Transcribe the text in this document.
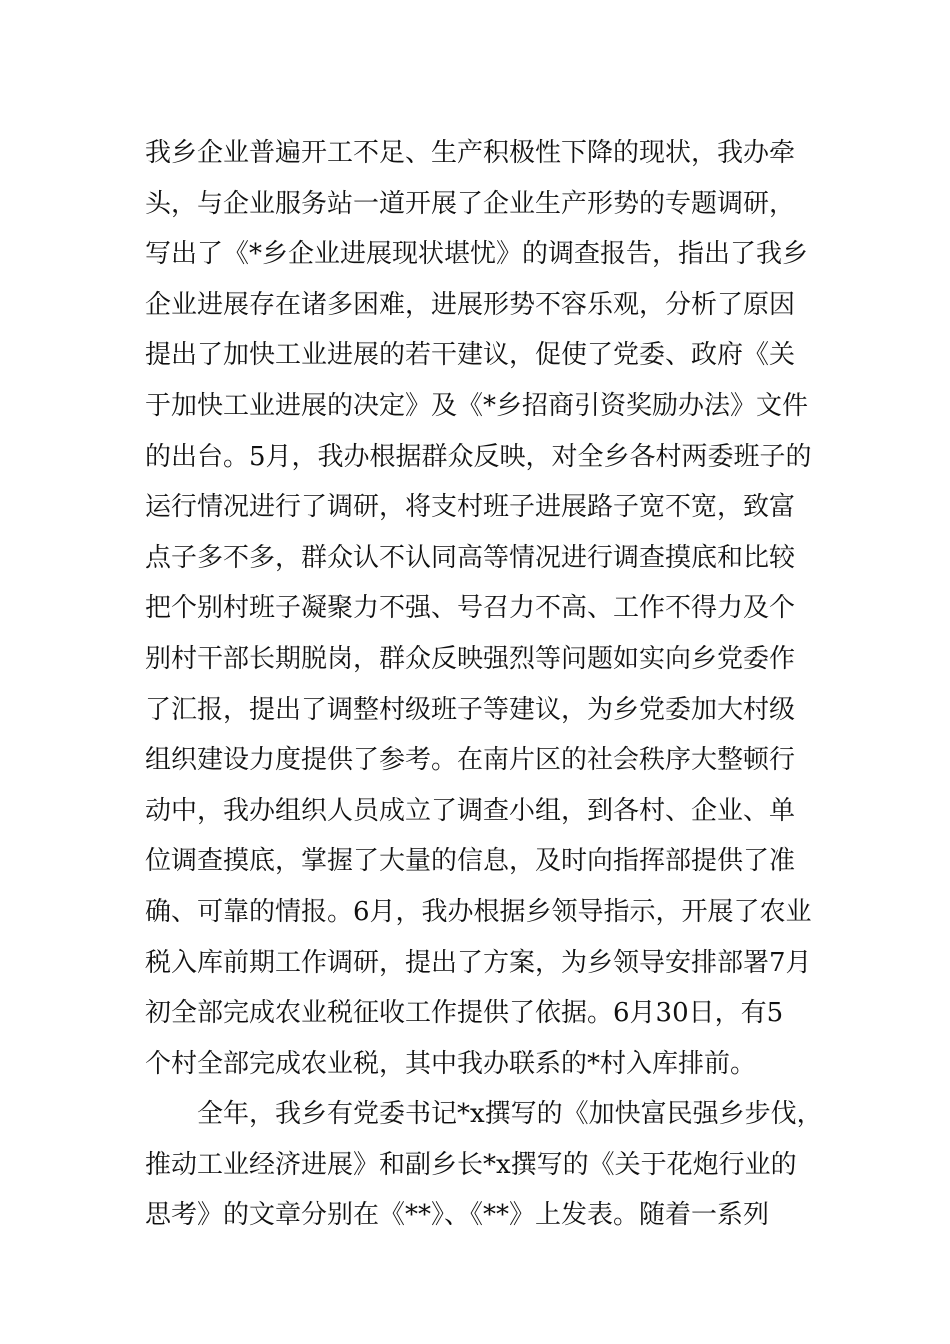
我乡企业普遍开工不足、生产积极性下降的现状，我办牵
头，与企业服务站一道开展了企业生产形势的专题调研，
写出了《*乡企业进展现状堪忧》的调查报告，指出了我乡
企业进展存在诸多困难，进展形势不容乐观，分析了原因
提出了加快工业进展的若干建议，促使了党委、政府《关
于加快工业进展的决定》及《*乡招商引资奖励办法》文件
的出台。5月，我办根据群众反映，对全乡各村两委班子的
运行情况进行了调研，将支村班子进展路子宽不宽，致富
点子多不多，群众认不认同高等情况进行调查摸底和比较
把个别村班子凝聚力不强、号召力不高、工作不得力及个
别村干部长期脱岗，群众反映强烈等问题如实向乡党委作
了汇报，提出了调整村级班子等建议，为乡党委加大村级
组织建设力度提供了参考。在南片区的社会秩序大整顿行
动中，我办组织人员成立了调查小组，到各村、企业、单
位调查摸底，掌握了大量的信息，及时向指挥部提供了准
确、可靠的情报。6月，我办根据乡领导指示，开展了农业
税入库前期工作调研，提出了方案，为乡领导安排部署7月
初全部完成农业税征收工作提供了依据。6月30日，有5
个村全部完成农业税，其中我办联系的*村入库排前。
全年，我乡有党委书记*x撰写的《加快富民强乡步伐，
推动工业经济进展》和副乡长*x撰写的《关于花炮行业的
思考》的文章分别在《**》、《**》上发表。随着一系列
